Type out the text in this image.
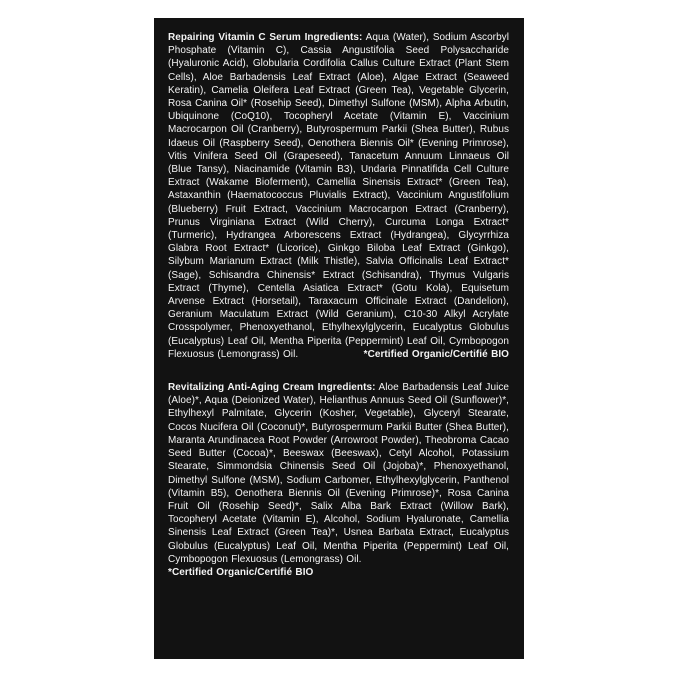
Repairing Vitamin C Serum Ingredients: Aqua (Water), Sodium Ascorbyl Phosphate (Vitamin C), Cassia Angustifolia Seed Polysaccharide (Hyaluronic Acid), Globularia Cordifolia Callus Culture Extract (Plant Stem Cells), Aloe Barbadensis Leaf Extract (Aloe), Algae Extract (Seaweed Keratin), Camelia Oleifera Leaf Extract (Green Tea), Vegetable Glycerin, Rosa Canina Oil* (Rosehip Seed), Dimethyl Sulfone (MSM), Alpha Arbutin, Ubiquinone (CoQ10), Tocopheryl Acetate (Vitamin E), Vaccinium Macrocarpon Oil (Cranberry), Butyrospermum Parkii (Shea Butter), Rubus Idaeus Oil (Raspberry Seed), Oenothera Biennis Oil* (Evening Primrose), Vitis Vinifera Seed Oil (Grapeseed), Tanacetum Annuum Linnaeus Oil (Blue Tansy), Niacinamide (Vitamin B3), Undaria Pinnatifida Cell Culture Extract (Wakame Bioferment), Camellia Sinensis Extract* (Green Tea), Astaxanthin (Haematococcus Pluvialis Extract), Vaccinium Angustifolium (Blueberry) Fruit Extract, Vaccinium Macrocarpon Extract (Cranberry), Prunus Virginiana Extract (Wild Cherry), Curcuma Longa Extract* (Turmeric), Hydrangea Arborescens Extract (Hydrangea), Glycyrrhiza Glabra Root Extract* (Licorice), Ginkgo Biloba Leaf Extract (Ginkgo), Silybum Marianum Extract (Milk Thistle), Salvia Officinalis Leaf Extract* (Sage), Schisandra Chinensis* Extract (Schisandra), Thymus Vulgaris Extract (Thyme), Centella Asiatica Extract* (Gotu Kola), Equisetum Arvense Extract (Horsetail), Taraxacum Officinale Extract (Dandelion), Geranium Maculatum Extract (Wild Geranium), C10-30 Alkyl Acrylate Crosspolymer, Phenoxyethanol, Ethylhexylglycerin, Eucalyptus Globulus (Eucalyptus) Leaf Oil, Mentha Piperita (Peppermint) Leaf Oil, Cymbopogon Flexuosus (Lemongrass) Oil.	*Certified Organic/Certifié BIO

Revitalizing Anti-Aging Cream Ingredients: Aloe Barbadensis Leaf Juice (Aloe)*, Aqua (Deionized Water), Helianthus Annuus Seed Oil (Sunflower)*, Ethylhexyl Palmitate, Glycerin (Kosher, Vegetable), Glyceryl Stearate, Cocos Nucifera Oil (Coconut)*, Butyrospermum Parkii Butter (Shea Butter), Maranta Arundinacea Root Powder (Arrowroot Powder), Theobroma Cacao Seed Butter (Cocoa)*, Beeswax (Beeswax), Cetyl Alcohol, Potassium Stearate, Simmondsia Chinensis Seed Oil (Jojoba)*, Phenoxyethanol, Dimethyl Sulfone (MSM), Sodium Carbomer, Ethylhexylglycerin, Panthenol (Vitamin B5), Oenothera Biennis Oil (Evening Primrose)*, Rosa Canina Fruit Oil (Rosehip Seed)*, Salix Alba Bark Extract (Willow Bark), Tocopheryl Acetate (Vitamin E), Alcohol, Sodium Hyaluronate, Camellia Sinensis Leaf Extract (Green Tea)*, Usnea Barbata Extract, Eucalyptus Globulus (Eucalyptus) Leaf Oil, Mentha Piperita (Peppermint) Leaf Oil, Cymbopogon Flexuosus (Lemongrass) Oil.
*Certified Organic/Certifié BIO
